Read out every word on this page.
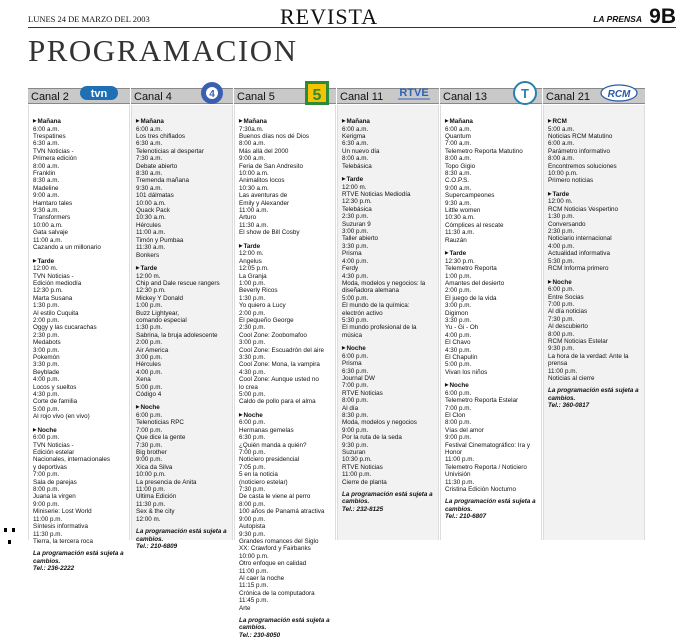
LUNES 24 DE MARZO DEL 2003	REVISTA	LA PRENSA 9B
PROGRAMACION
Canal 2 tvn
▶ Mañana
6:00 a.m.
Trespatines
6:30 a.m.
TVN Noticias -
Primera edición
8:00 a.m.
Franklin
8:30 a.m.
Madeline
9:00 a.m.
Hamtaro tales
9:30 a.m.
Transformers
10:00 a.m.
Gata salvaje
11:00 a.m.
Cazando a un millonario
▶ Tarde
12:00 m.
TVN Noticias -
Edición mediodía
12:30 p.m.
Marta Susana
1:30 p.m.
Al estilo Cuquita
2:00 p.m.
Oggy y las cucarachas
2:30 p.m.
Medabots
3:00 p.m.
Pokemón
3:30 p.m.
Beyblade
4:00 p.m.
Locos y sueltos
4:30 p.m.
Corte de familia
5:00 p.m.
Al rojo vivo (en vivo)
▶ Noche
6:00 p.m.
TVN Noticias -
Edición estelar
Nacionales, internacionales
y deportivas
7:00 p.m.
Sala de parejas
8:00 p.m.
Juana la virgen
9:00 p.m.
Miniserie: Lost World
11:00 p.m.
Síntesis informativa
11:30 p.m.
Tierra, la tercera roca
La programación está sujeta a cambios.
Tel.: 236-2222
Canal 4	4
▶ Mañana
6:00 a.m.
Los tres chiflados
6:30 a.m.
Telenoticias al despertar
7:30 a.m.
Debate abierto
8:30 a.m.
Tremenda mañana
9:30 a.m.
101 dálmatas
10:00 a.m.
Quack Pack
10:30 a.m.
Hércules
11:00 a.m.
Timón y Pumbaa
11:30 a.m.
Bonkers
▶ Tarde
12:00 m.
Chip and Dale rescue rangers
12:30 p.m.
Mickey Y Donald
1:00 p.m.
Buzz Lightyear,
comando especial
1:30 p.m.
Sabrina, la bruja adolescente
2:00 p.m.
Air America
3:00 p.m.
Hércules
4:00 p.m.
Xena
5:00 p.m.
Código 4
▶ Noche
6:00 p.m.
Telenoticias RPC
7:00 p.m.
Que dice la gente
7:30 p.m.
Big brother
9:00 p.m.
Xica da Silva
10:00 p.m.
La presencia de Anita
11:00 p.m.
Ultima Edición
11:30 p.m.
Sex & the city
12:00 m.
La programación está sujeta a cambios.
Tel.: 210-6809
Canal 5 5
▶ Mañana
7:30a.m.
Buenos días nos dé Dios
8:00 a.m.
Más allá del 2000
9:00 a.m.
Feria de San Andresito
10:00 a.m.
Animalitos locos
10:30 a.m.
Las aventuras de
Emily y Alexander
11:00 a.m.
Arturo
11:30 a.m.
El show de Bill Cosby
▶ Tarde
12:00 m.
Angelus
12:05 p.m.
La Granja
1:00 p.m.
Beverly Ricos
1:30 p.m.
Yo quiero a Lucy
2:00 p.m.
El pequeño George
2:30 p.m.
Cool Zone: Zoobomafoo
3:00 p.m.
Cool Zone: Escuadrón del aire
3:30 p.m.
Cool Zone: Mona, la vampira
4:30 p.m.
Cool Zone: Aunque usted no
lo crea
5:00 p.m.
Caldo de pollo para el alma
▶ Noche
6:00 p.m.
Hermanas gemelas
6:30 p.m.
¿Quién manda a quién?
7:00 p.m.
Noticiero presidencial
7:05 p.m.
5 en la noticia
(noticiero estelar)
7:30 p.m.
De casta le viene al perro
8:00 p.m.
100 años de Panamá atractiva
9:00 p.m.
Autopista
9:30 p.m.
Grandes romances del Siglo
XX: Crawford y Fairbanks
10:00 p.m.
Otro enfoque en calidad
11:00 p.m.
Al caer la noche
11:15 p.m.
Crónica de la computadora
11:45 p.m.
Arte
La programación está sujeta a cambios.
Tel.: 230-8050
Canal 11 RTVE
▶ Mañana
6:00 a.m.
Kerigma
6:30 a.m.
Un nuevo día
8:00 a.m.
Telebásica
▶ Tarde
12:00 m.
RTVE Noticias Mediodía
12:30 p.m.
Telebásica
2:30 p.m.
Suzuran 9
3:00 p.m.
Taller abierto
3:30 p.m.
Prisma
4:00 p.m.
Ferdy
4:30 p.m.
Moda, modelos y negocios: la
diseñadora alemana
5:00 p.m.
El mundo de la química:
electrón activo
5:30 p.m.
El mundo profesional de la
música
▶ Noche
6:00 p.m.
Prisma
6:30 p.m.
Journal DW
7:00 p.m.
RTVE Noticias
8:00 p.m.
Al día
8:30 p.m.
Moda, modelos y negocios
9:00 p.m.
Por la ruta de la seda
9:30 p.m.
Suzuran
10:30 p.m.
RTVE Noticias
11:00 p.m.
Cierre de planta
La programación está sujeta a cambios.
Tel.: 232-8125
Canal 13	T
▶ Mañana
6:00 a.m.
Quantum
7:00 a.m.
Telemetro Reporta Matutino
8:00 a.m.
Topo Gigio
8:30 a.m.
C.O.P.S.
9:00 a.m.
Supercampeones
9:30 a.m.
Little women
10:30 a.m.
Cómplices al rescate
11:30 a.m.
Rauzán
▶ Tarde
12:30 p.m.
Telemetro Reporta
1:00 p.m.
Amantes del desierto
2:00 p.m.
El juego de la vida
3:00 p.m.
Digimon
3:30 p.m.
Yu - Gi - Oh
4:00 p.m.
El Chavo
4:30 p.m.
El Chapulín
5:00 p.m.
Vivan los niños
▶ Noche
6:00 p.m.
Telemetro Reporta Estelar
7:00 p.m.
El Clon
8:00 p.m.
Vías del amor
9:00 p.m.
Festival Cinematográfico: Ira y
Honor
11:00 p.m.
Telemetro Reporta / Noticiero
Univisión
11:30 p.m.
Cristina Edición Nocturno
La programación está sujeta a cambios.
Tel.: 210-6807
Canal 21 RCM
▶ RCM
5:00 a.m.
Noticias RCM Matutino
6:00 a.m.
Parámetro informativo
8:00 a.m.
Encontremos soluciones
10:00 p.m.
Primero noticias
▶ Tarde
12:00 m.
RCM Noticias Vespertino
1:30 p.m.
Conversando
2:30 p.m.
Noticiario internacional
4:00 p.m.
Actualidad informativa
5:30 p.m.
RCM Informa primero
▶ Noche
6:00 p.m.
Entre Socias
7:00 p.m.
Al día noticias
7:30 p.m.
Al descubierto
8:00 p.m.
RCM Noticias Estelar
9:30 p.m.
La hora de la verdad: Ante la
prensa
11:00 p.m.
Noticias al cierre
La programación está sujeta a cambios.
Tel.: 360-0817
